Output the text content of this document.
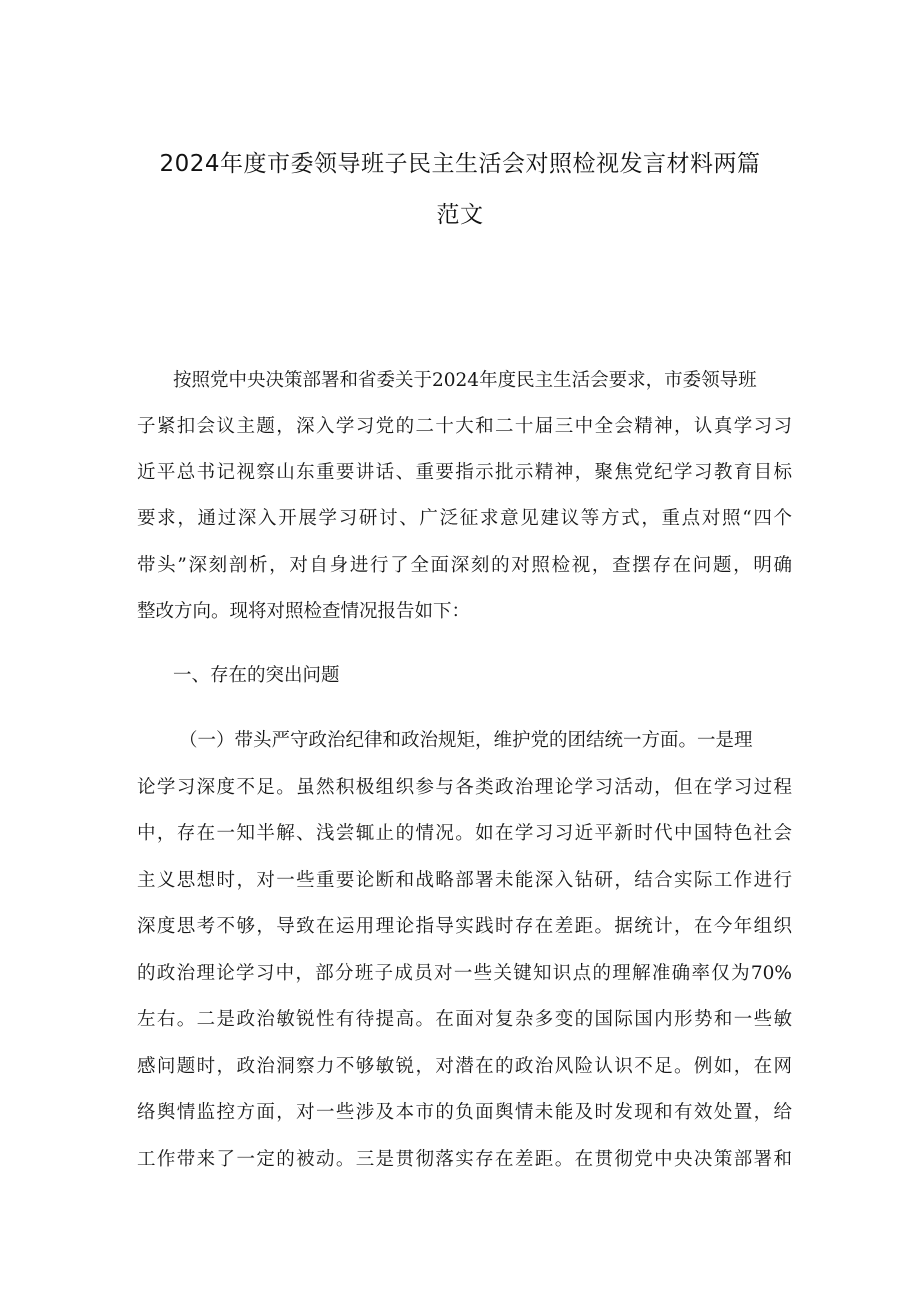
2024年度市委领导班子民主生活会对照检视发言材料两篇
范文
按照党中央决策部署和省委关于2024年度民主生活会要求，市委领导班
子紧扣会议主题，深入学习党的二十大和二十届三中全会精神，认真学习习
近平总书记视察山东重要讲话、重要指示批示精神，聚焦党纪学习教育目标
要求，通过深入开展学习研讨、广泛征求意见建议等方式，重点对照“四个
带头”深刻剖析，对自身进行了全面深刻的对照检视，查摆存在问题，明确
整改方向。现将对照检查情况报告如下：
一、存在的突出问题
（一）带头严守政治纪律和政治规矩，维护党的团结统一方面。一是理
论学习深度不足。虽然积极组织参与各类政治理论学习活动，但在学习过程
中，存在一知半解、浅尝辄止的情况。如在学习习近平新时代中国特色社会
主义思想时，对一些重要论断和战略部署未能深入钻研，结合实际工作进行
深度思考不够，导致在运用理论指导实践时存在差距。据统计，在今年组织
的政治理论学习中，部分班子成员对一些关键知识点的理解准确率仅为70%
左右。二是政治敏锐性有待提高。在面对复杂多变的国际国内形势和一些敏
感问题时，政治洞察力不够敏锐，对潜在的政治风险认识不足。例如，在网
络舆情监控方面，对一些涉及本市的负面舆情未能及时发现和有效处置，给
工作带来了一定的被动。三是贯彻落实存在差距。在贯彻党中央决策部署和
